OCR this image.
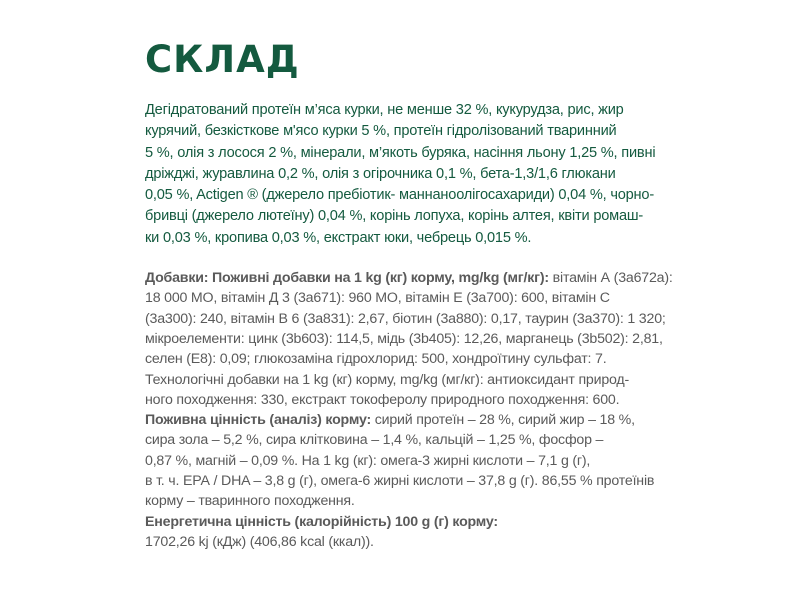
СКЛАД

Дегідратований протеїн м’яса курки, не менше 32 %, кукурудза, рис, жир
курячий, безкісткове м'ясо курки 5 %, протеїн гідролізований тваринний
5 %, олія з лосося 2 %, мінерали, м’якоть буряка, насіння льону 1,25 %, пивні
дріжджі, журавлина 0,2 %, олія з огірочника 0,1 %, бета-1,3/1,6 глюкани
0,05 %, Actigen ® (джерело пребіотик- маннаноолігосахариди) 0,04 %, чорно-
бривці (джерело лютеїну) 0,04 %, корінь лопуха, корінь алтея, квіти ромаш-
ки 0,03 %, кропива 0,03 %, екстракт юки, чебрець 0,015 %.

Добавки: Поживні добавки на 1 kg (кг) корму, mg/kg (мг/кг): вітамін А (3а672а):
18 000 МО, вітамін Д 3 (3а671): 960 МО, вітамін Е (3а700): 600, вітамін С
(3а300): 240, вітамін В 6 (3а831): 2,67, біотин (3а880): 0,17, таурин (3а370): 1 320;
мікроелементи: цинк (3b603): 114,5, мідь (3b405): 12,26, марганець (3b502): 2,81,
селен (Е8): 0,09; глюкозаміна гідрохлорид: 500, хондроїтину сульфат: 7.
Технологічні добавки на 1 kg (кг) корму, mg/kg (мг/кг): антиоксидант природ-
ного походження: 330, екстракт токоферолу природного походження: 600.
Поживна цінність (аналіз) корму: сирий протеїн – 28 %, сирий жир – 18 %,
сира зола – 5,2 %, сира клітковина – 1,4 %, кальцій – 1,25 %, фосфор –
0,87 %, магній – 0,09 %. На 1 kg (кг): омега-3 жирні кислоти – 7,1 g (г),
в т. ч. ЕРА / DHA – 3,8 g (г), омега-6 жирні кислоти – 37,8 g (г). 86,55 % протеїнів
корму – тваринного походження.
Енергетична цінність (калорійність) 100 g (г) корму:
1702,26 kj (кДж) (406,86 kcal (ккал)).
